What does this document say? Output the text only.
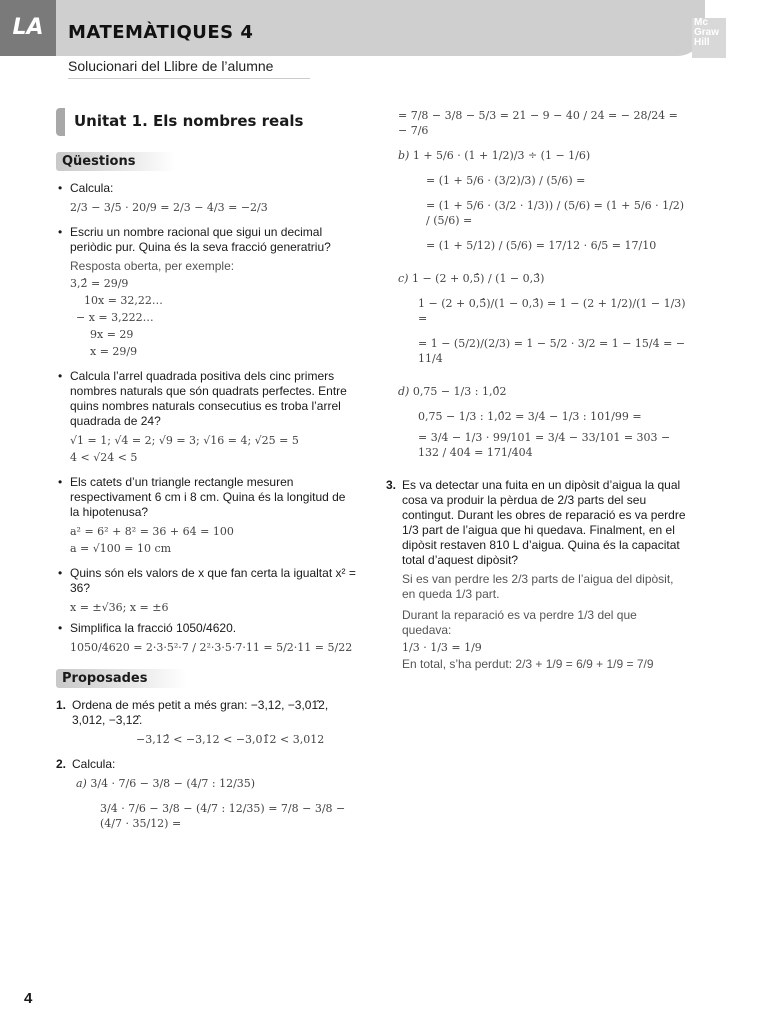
LA	MATEMÀTIQUES 4
Solucionari del Llibre de l’alumne
Mc
Graw
Hill
Unitat 1. Els nombres reals
Qüestions
• Calcula:
2/3 − 3/5 · 20/9 = 2/3 − 4/3 = −2/3
• Escriu un nombre racional que sigui un decimal periòdic pur. Quina és la seva fracció generatriu?
Resposta oberta, per exemple:
3,2̂ = 29/9
10x = 32,22…
− x = 3,222…
9x = 29
x = 29/9
• Calcula l’arrel quadrada positiva dels cinc primers nombres naturals que són quadrats perfectes. Entre quins nombres naturals consecutius es troba l’arrel quadrada de 24?
√1 = 1; √4 = 2; √9 = 3; √16 = 4; √25 = 5
4 < √24 < 5
• Els catets d’un triangle rectangle mesuren respectivament 6 cm i 8 cm. Quina és la longitud de la hipotenusa?
a² = 6² + 8² = 36 + 64 = 100
a = √100 = 10 cm
• Quins són els valors de x que fan certa la igualtat x² = 36?
x = ±√36; x = ±6
• Simplifica la fracció 1050/4620.
1050/4620 = 2·3·5²·7 / 2²·3·5·7·11 = 5/2·11 = 5/22
Proposades
1. Ordena de més petit a més gran: −3,12, −3,01̂2, 3,012, −3,12̂.
−3,12̂ < −3,12 < −3,01̂2 < 3,012
2. Calcula:
a) 3/4 · 7/6 − 3/8 − (4/7 : 12/35)
3/4 · 7/6 − 3/8 − (4/7 : 12/35) = 7/8 − 3/8 − (4/7 · 35/12) =
= 7/8 − 3/8 − 5/3 = 21 − 9 − 40 / 24 = − 28/24 = − 7/6
b) 1 + 5/6 · (1 + 1/2)/3 ÷ (1 − 1/6)
= (1 + 5/6 · (3/2)/3) / (5/6) =
= (1 + 5/6 · (3/2 · 1/3)) / (5/6) = (1 + 5/6 · 1/2) / (5/6) =
= (1 + 5/12) / (5/6) = 17/12 · 6/5 = 17/10
c) 1 − (2 + 0,5̂) / (1 − 0,3̂)
1 − (2 + 0,5̂)/(1 − 0,3̂) = 1 − (2 + 1/2)/(1 − 1/3) =
= 1 − (5/2)/(2/3) = 1 − 5/2 · 3/2 = 1 − 15/4 = − 11/4
d) 0,75 − 1/3 : 1,0̂2
0,75 − 1/3 : 1,0̂2 = 3/4 − 1/3 : 101/99 =
= 3/4 − 1/3 · 99/101 = 3/4 − 33/101 = 303 − 132 / 404 = 171/404
3. Es va detectar una fuita en un dipòsit d’aigua la qual cosa va produir la pèrdua de 2/3 parts del seu contingut. Durant les obres de reparació es va perdre 1/3 part de l’aigua que hi quedava. Finalment, en el dipòsit restaven 810 L d’aigua. Quina és la capacitat total d’aquest dipòsit?
Si es van perdre les 2/3 parts de l’aigua del dipòsit, en queda 1/3 part.
Durant la reparació es va perdre 1/3 del que quedava:
1/3 · 1/3 = 1/9
En total, s’ha perdut: 2/3 + 1/9 = 6/9 + 1/9 = 7/9
4
